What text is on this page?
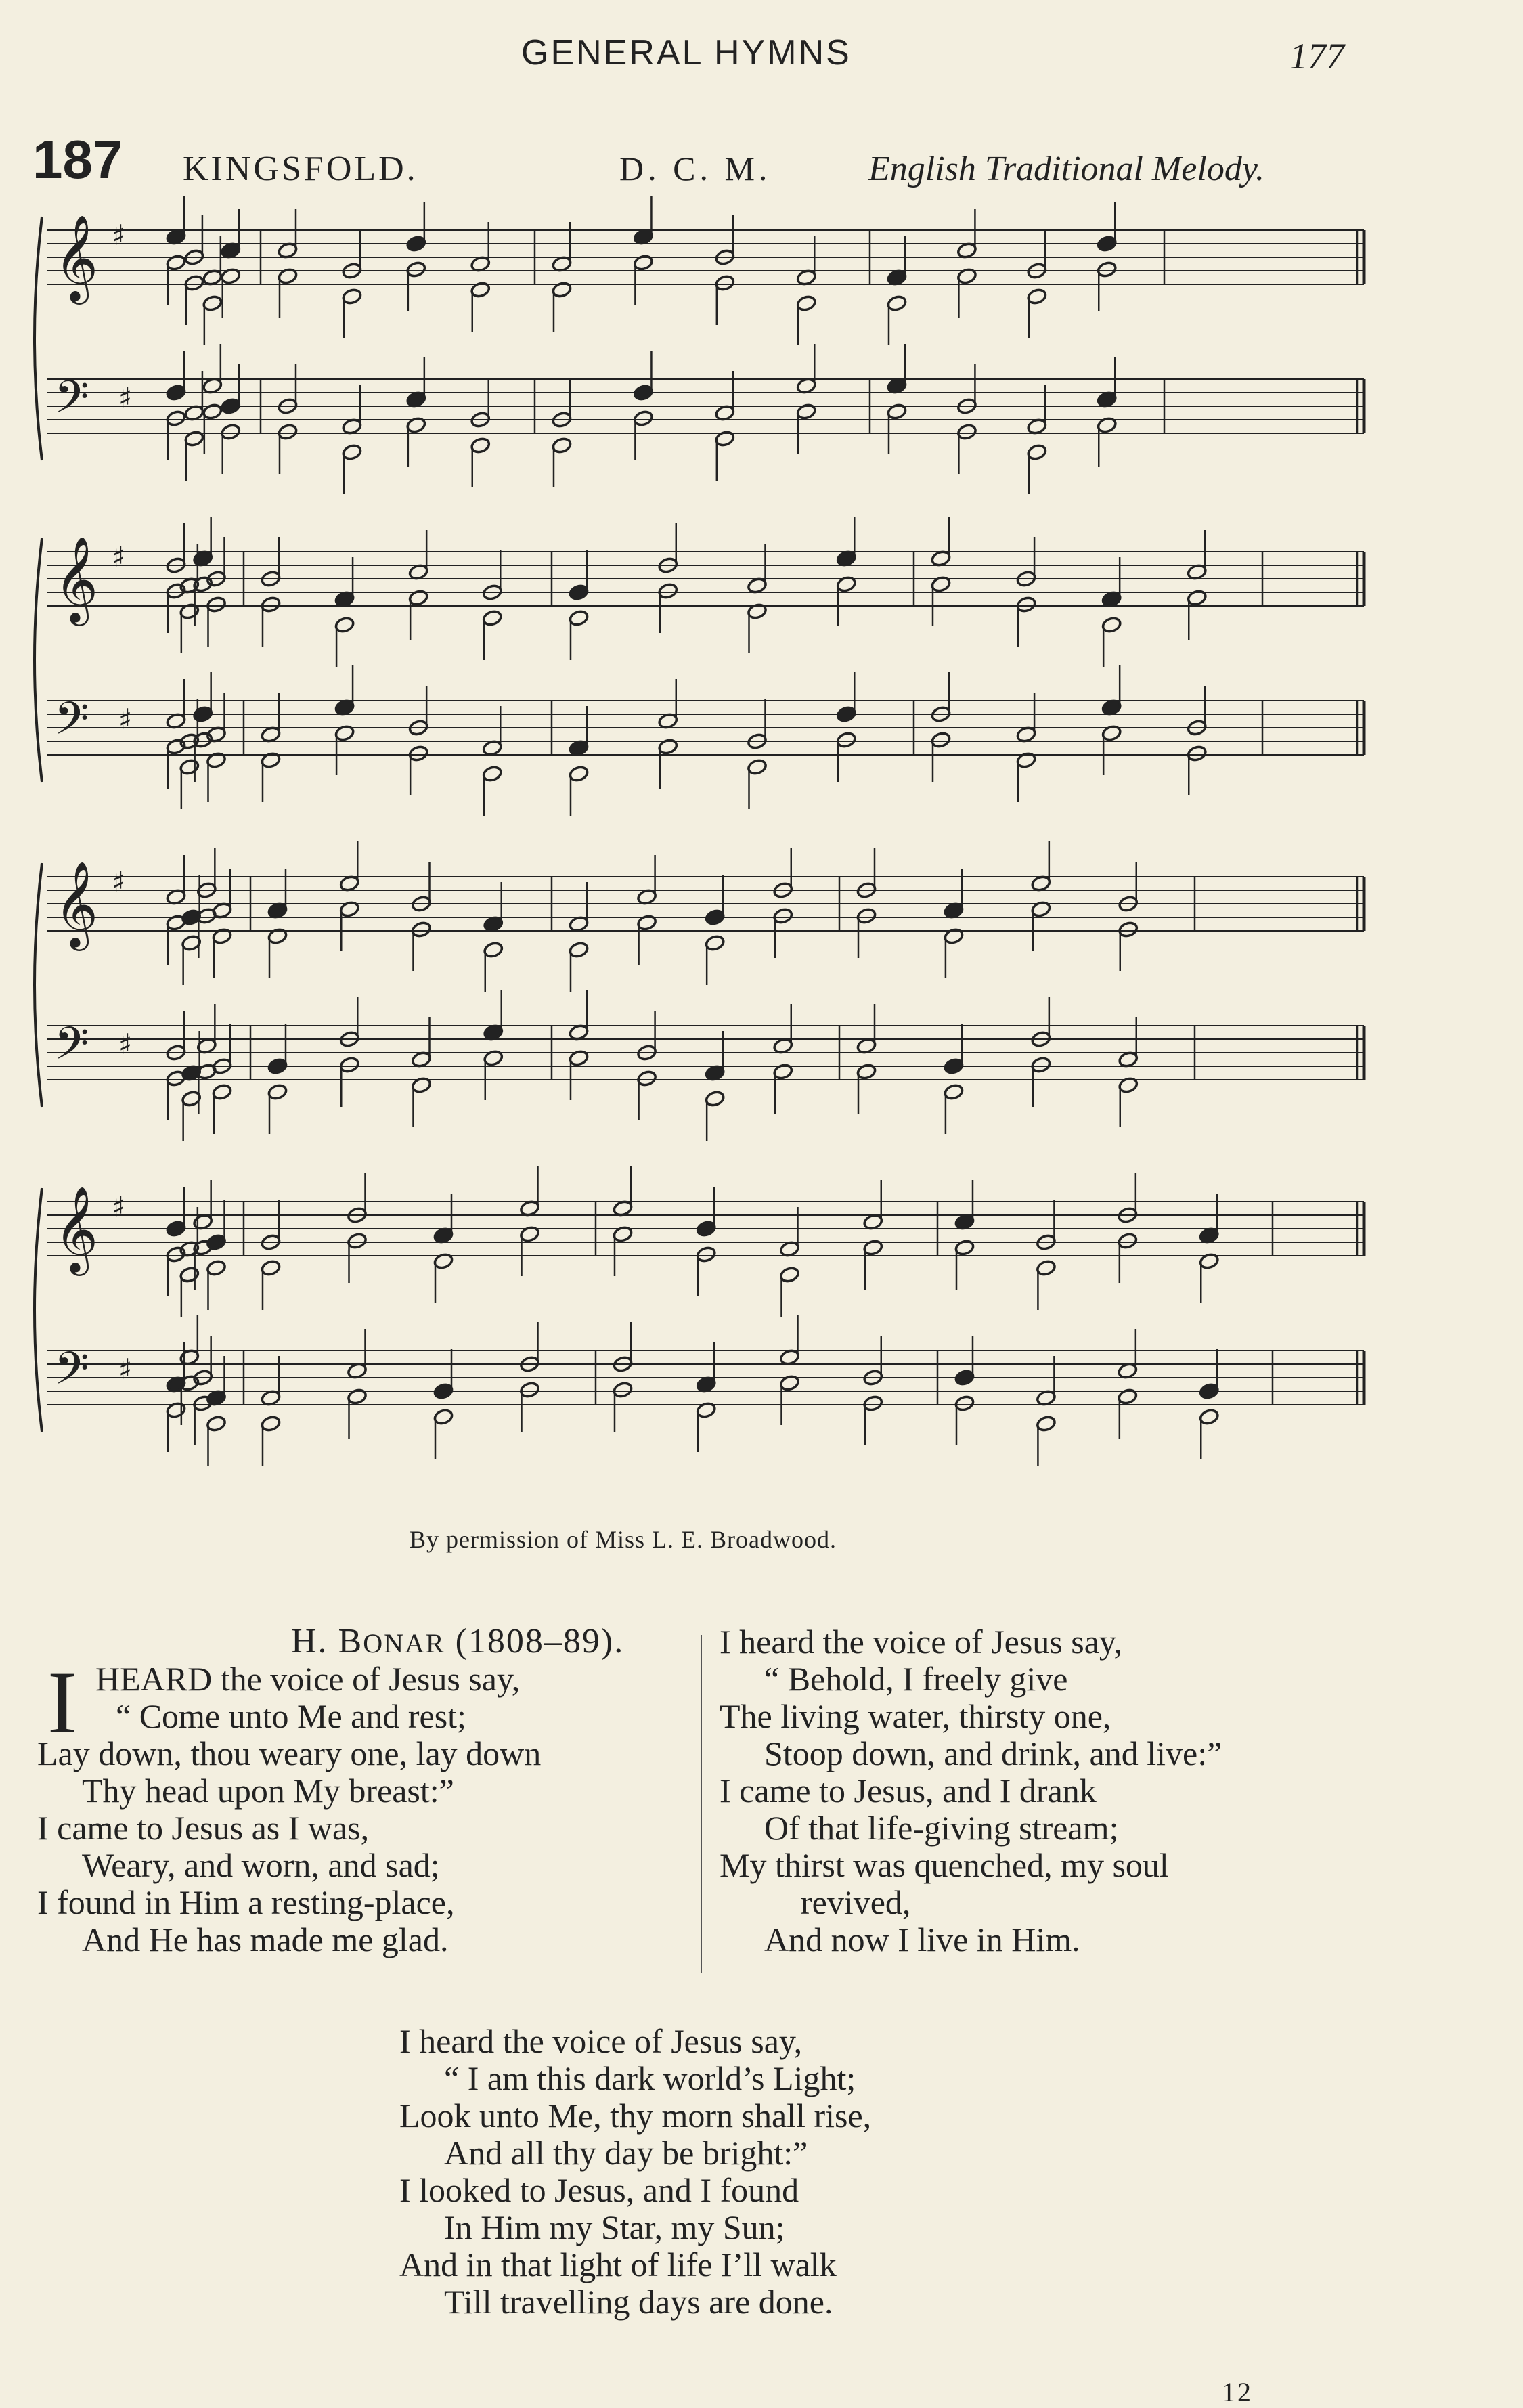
GENERAL HYMNS	177
187 KINGSFOLD.	D. C. M.	English Traditional Melody.
𝄞 ♯
𝄢 ♯
𝄞 ♯
𝄢 ♯
𝄞 ♯
𝄢 ♯
𝄞 ♯
𝄢 ♯
By permission of Miss L. E. Broadwood.
H. BONAR (1808–89).
I HEARD the voice of Jesus say,
“ Come unto Me and rest;
Lay down, thou weary one, lay down
Thy head upon My breast:”
I came to Jesus as I was,
Weary, and worn, and sad;
I found in Him a resting-place,
And He has made me glad.
I heard the voice of Jesus say,
“ Behold, I freely give
The living water, thirsty one,
Stoop down, and drink, and live:”
I came to Jesus, and I drank
Of that life-giving stream;
My thirst was quenched, my soul
revived,
And now I live in Him.
I heard the voice of Jesus say,
“ I am this dark world’s Light;
Look unto Me, thy morn shall rise,
And all thy day be bright:”
I looked to Jesus, and I found
In Him my Star, my Sun;
And in that light of life I’ll walk
Till travelling days are done.
12
